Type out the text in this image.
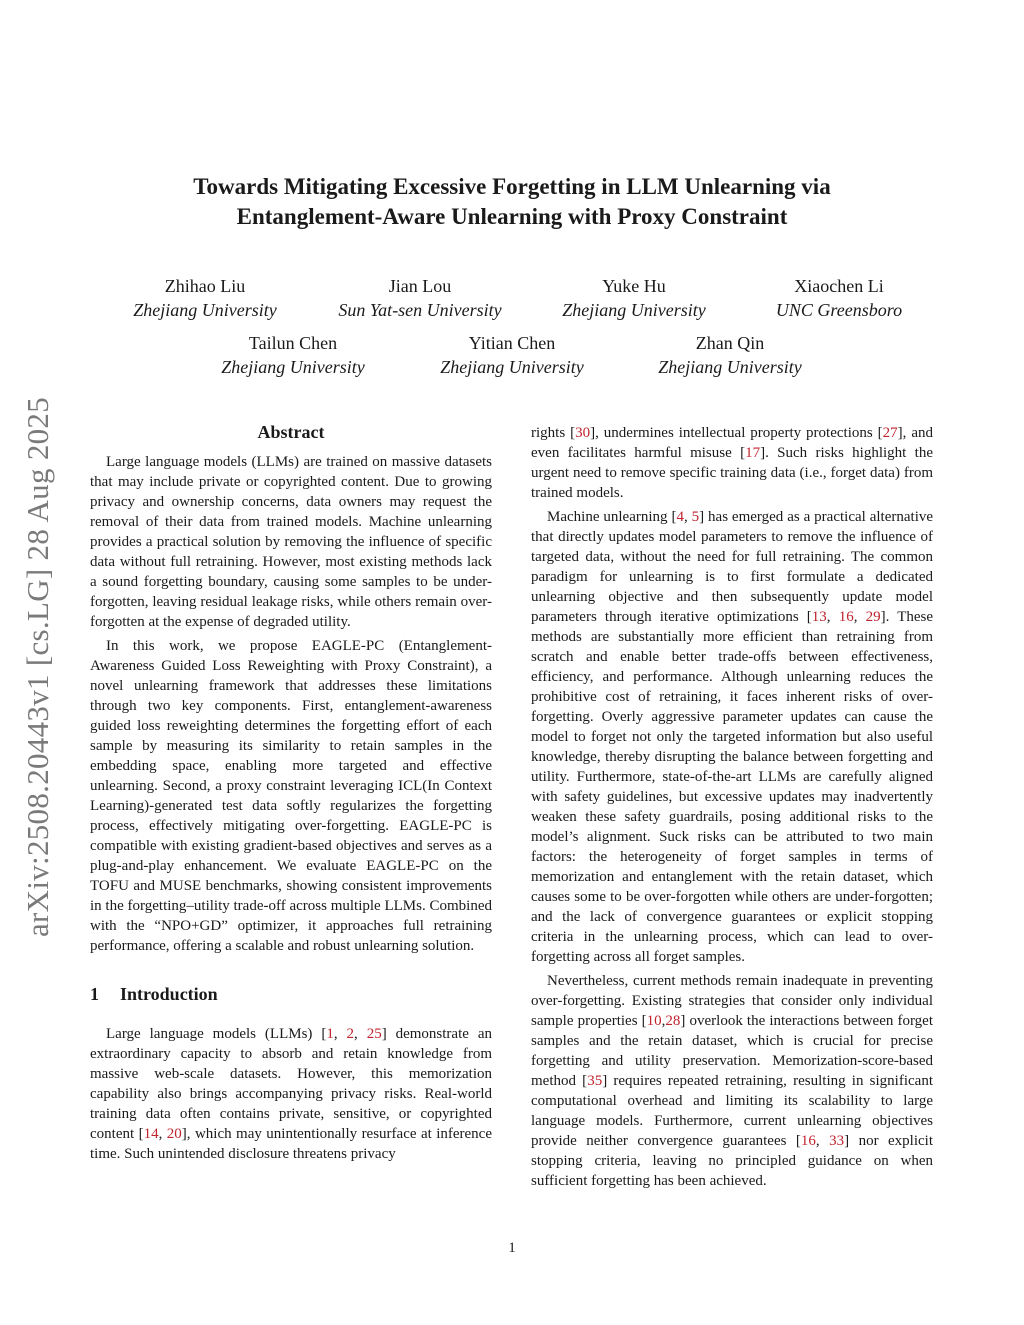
arXiv:2508.20443v1 [cs.LG] 28 Aug 2025
Towards Mitigating Excessive Forgetting in LLM Unlearning via
Entanglement-Aware Unlearning with Proxy Constraint
Zhihao Liu
Zhejiang University
Jian Lou
Sun Yat-sen University
Yuke Hu
Zhejiang University
Xiaochen Li
UNC Greensboro
Tailun Chen
Zhejiang University
Yitian Chen
Zhejiang University
Zhan Qin
Zhejiang University
Abstract

Large language models (LLMs) are trained on massive datasets that may include private or copyrighted content. Due to growing privacy and ownership concerns, data owners may request the removal of their data from trained models. Machine unlearning provides a practical solution by removing the influence of specific data without full retraining. However, most existing methods lack a sound forgetting boundary, causing some samples to be under-forgotten, leaving residual leakage risks, while others remain over-forgotten at the expense of degraded utility.

In this work, we propose EAGLE-PC (Entanglement-Awareness Guided Loss Reweighting with Proxy Constraint), a novel unlearning framework that addresses these limitations through two key components. First, entanglement-awareness guided loss reweighting determines the forgetting effort of each sample by measuring its similarity to retain samples in the embedding space, enabling more targeted and effective unlearning. Second, a proxy constraint leveraging ICL(In Context Learning)-generated test data softly regularizes the forgetting process, effectively mitigating over-forgetting. EAGLE-PC is compatible with existing gradient-based objectives and serves as a plug-and-play enhancement. We evaluate EAGLE-PC on the TOFU and MUSE benchmarks, showing consistent improvements in the forgetting–utility trade-off across multiple LLMs. Combined with the “NPO+GD” optimizer, it approaches full retraining performance, offering a scalable and robust unlearning solution.

1 Introduction

Large language models (LLMs) [1, 2, 25] demonstrate an extraordinary capacity to absorb and retain knowledge from massive web-scale datasets. However, this memorization capability also brings accompanying privacy risks. Real-world training data often contains private, sensitive, or copyrighted content [14, 20], which may unintentionally resurface at inference time. Such unintended disclosure threatens privacy

rights [30], undermines intellectual property protections [27], and even facilitates harmful misuse [17]. Such risks highlight the urgent need to remove specific training data (i.e., forget data) from trained models.

Machine unlearning [4, 5] has emerged as a practical alternative that directly updates model parameters to remove the influence of targeted data, without the need for full retraining. The common paradigm for unlearning is to first formulate a dedicated unlearning objective and then subsequently update model parameters through iterative optimizations [13, 16, 29]. These methods are substantially more efficient than retraining from scratch and enable better trade-offs between effectiveness, efficiency, and performance. Although unlearning reduces the prohibitive cost of retraining, it faces inherent risks of over-forgetting. Overly aggressive parameter updates can cause the model to forget not only the targeted information but also useful knowledge, thereby disrupting the balance between forgetting and utility. Furthermore, state-of-the-art LLMs are carefully aligned with safety guidelines, but excessive updates may inadvertently weaken these safety guardrails, posing additional risks to the model’s alignment. Suck risks can be attributed to two main factors: the heterogeneity of forget samples in terms of memorization and entanglement with the retain dataset, which causes some to be over-forgotten while others are under-forgotten; and the lack of convergence guarantees or explicit stopping criteria in the unlearning process, which can lead to over-forgetting across all forget samples.

Nevertheless, current methods remain inadequate in preventing over-forgetting. Existing strategies that consider only individual sample properties [10,28] overlook the interactions between forget samples and the retain dataset, which is crucial for precise forgetting and utility preservation. Memorization-score-based method [35] requires repeated retraining, resulting in significant computational overhead and limiting its scalability to large language models. Furthermore, current unlearning objectives provide neither convergence guarantees [16, 33] nor explicit stopping criteria, leaving no principled guidance on when sufficient forgetting has been achieved.

1
